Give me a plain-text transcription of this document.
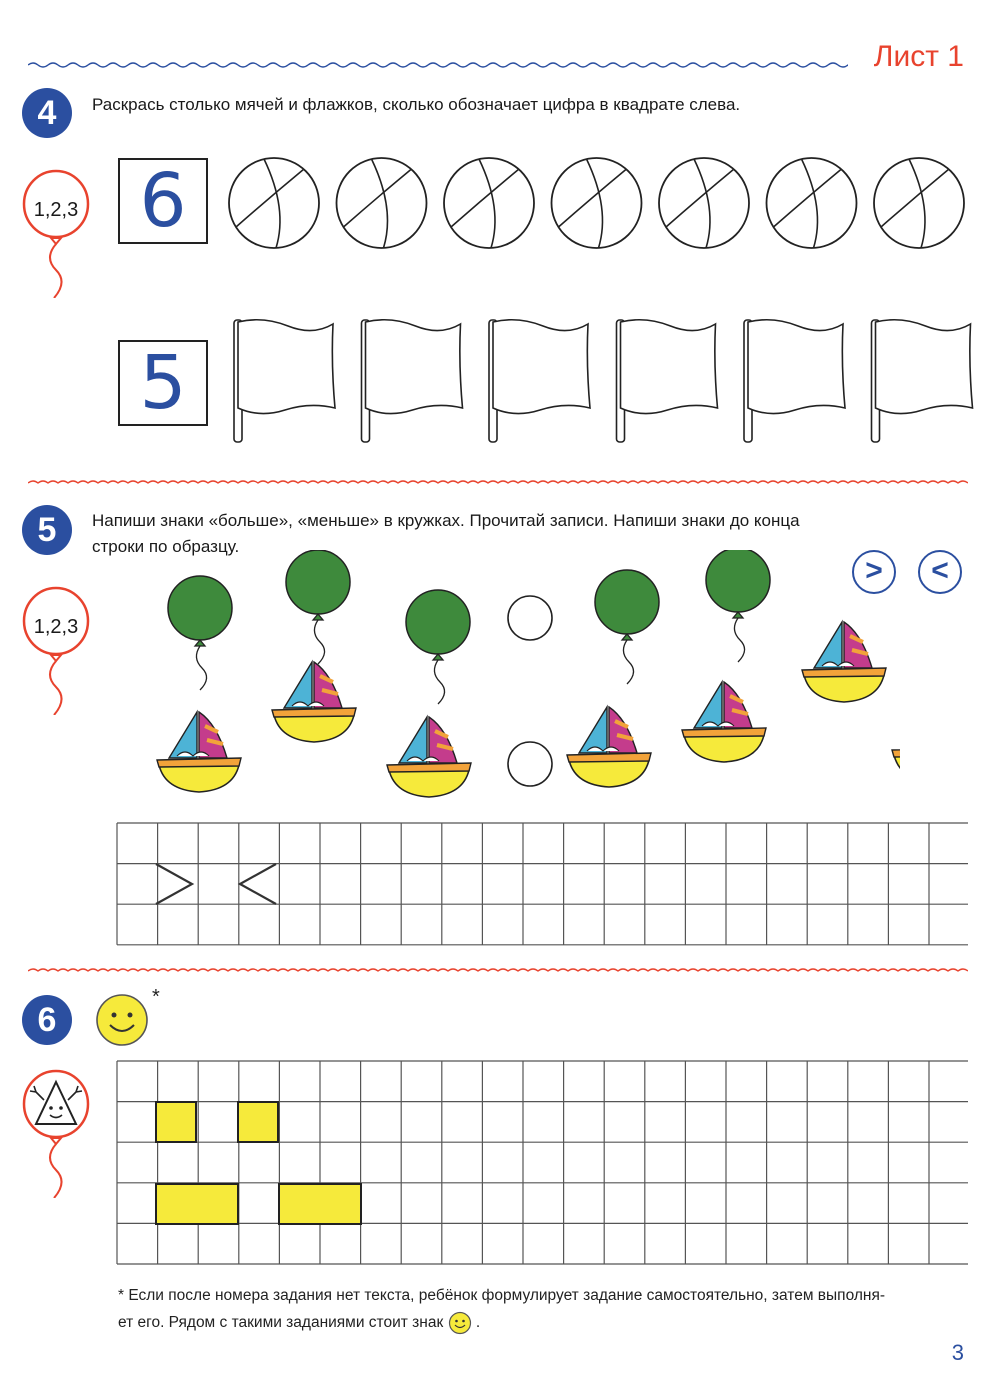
Лист 1
4	Раскрась столько мячей и флажков, сколько обозначает цифра в квадрате слева.
1,2,3 6
5
5	Напиши знаки «больше», «меньше» в кружках. Прочитай записи. Напиши знаки до конца
строки по образцу.
1,2,3
>	<
6
*
* Если после номера задания нет текста, ребёнок формулирует задание самостоятельно, затем выполня-
ет его. Рядом с такими заданиями стоит знак .
3
